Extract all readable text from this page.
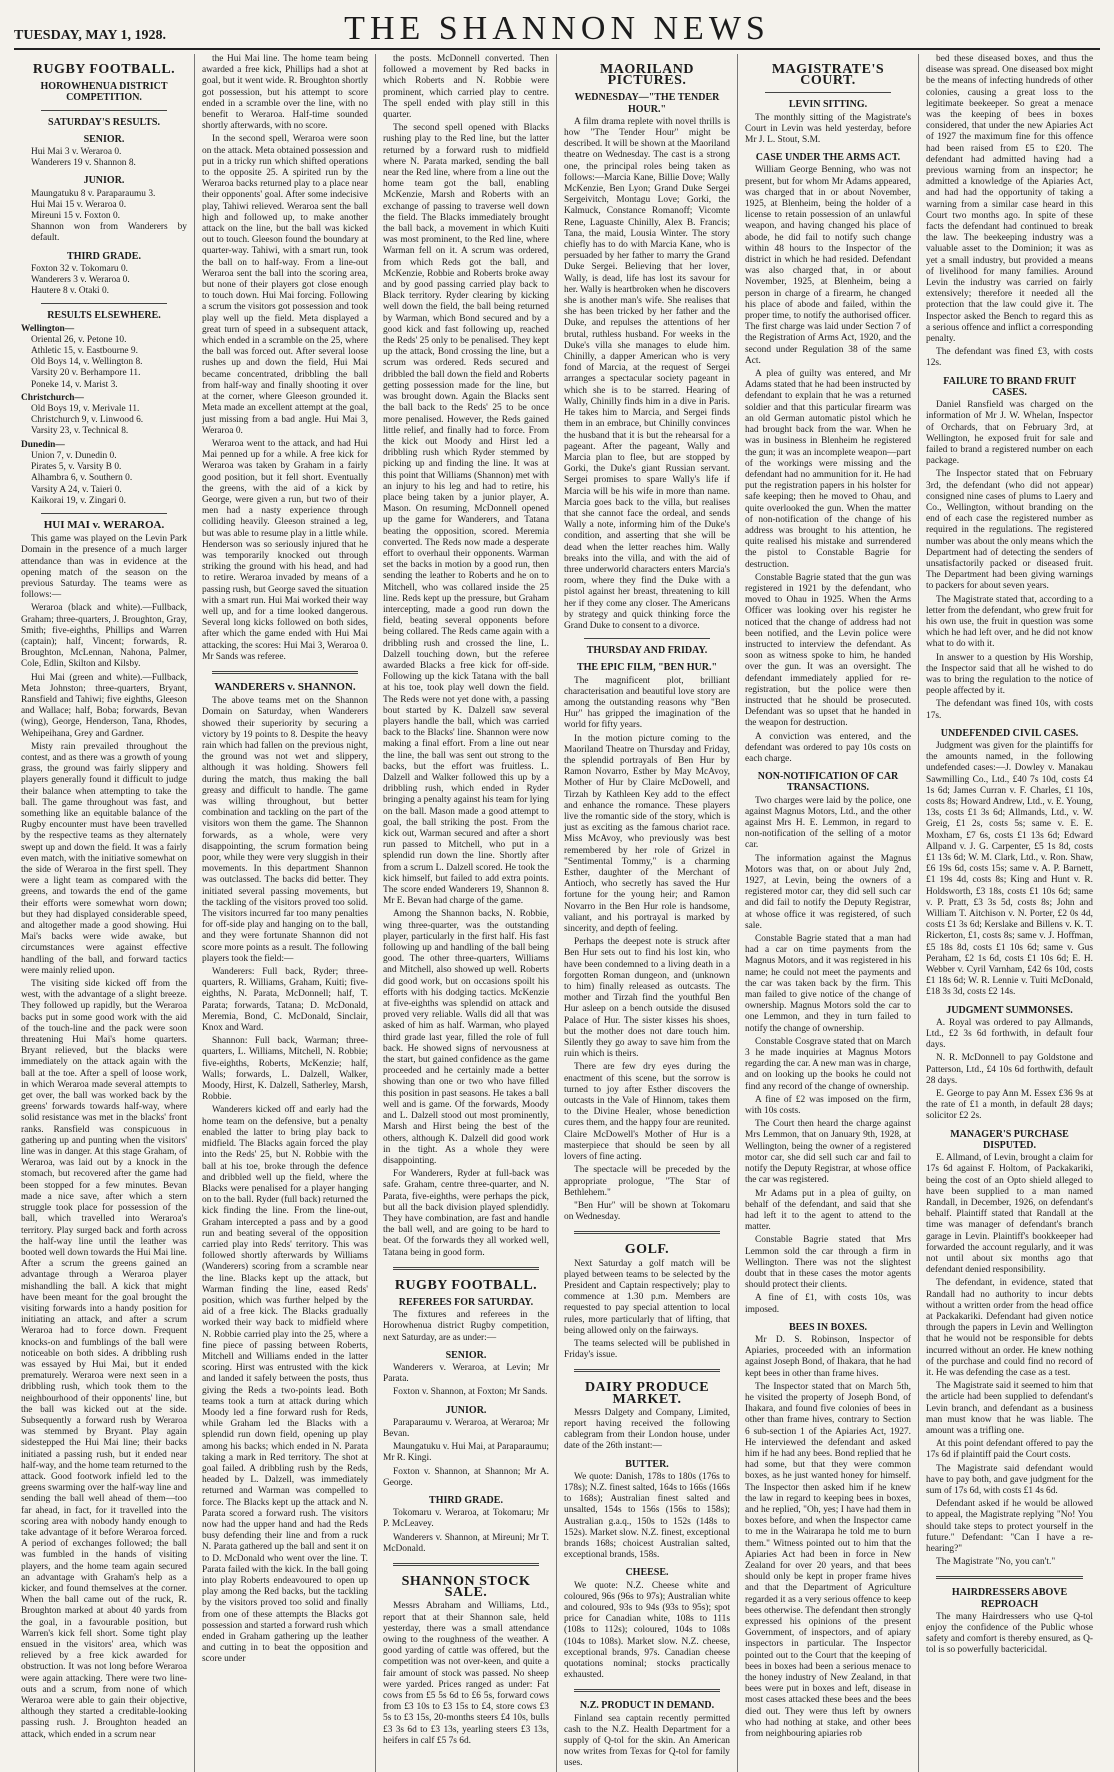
TUESDAY, MAY 1, 1928.	THE SHANNON NEWS
RUGBY FOOTBALL.
HOROWHENUA DISTRICT COMPETITION.
SATURDAY'S RESULTS.
SENIOR.

Hui Mai 3 v. Weraroa 0.

Wanderers 19 v. Shannon 8.

JUNIOR.

Maungatuku 8 v. Paraparaumu 3.

Hui Mai 15 v. Weraroa 0.

Mireuni 15 v. Foxton 0.

Shannon won from Wanderers by default.

THIRD GRADE.

Foxton 32 v. Tokomaru 0.

Wanderers 3 v. Weraroa 0.

Hautere 8 v. Otaki 0.

RESULTS ELSEWHERE.

Wellington—

Oriental 26, v. Petone 10.

Athletic 15, v. Eastbourne 9.

Old Boys 14, v. Wellington 8.

Varsity 20 v. Berhampore 11.

Poneke 14, v. Marist 3.

Christchurch—

Old Boys 19, v. Merivale 11.

Christchurch 9, v. Linwood 6.

Varsity 23, v. Technical 8.

Dunedin—

Union 7, v. Dunedin 0.

Pirates 5, v. Varsity B 0.

Alhambra 6, v. Southern 0.

Varsity A 24, v. Taieri 0.

Kaikorai 19, v. Zingari 0.

HUI MAI v. WERAROA.

This game was played on the Levin Park Domain in the presence of a much larger attendance than was in evidence at the opening match of the season on the previous Saturday. The teams were as follows:—

Weraroa (black and white).—Fullback, Graham; three-quarters, J. Broughton, Gray, Smith; five-eighths, Phillips and Warren (captain); half, Vincent; forwards, R. Broughton, McLennan, Nahona, Palmer, Cole, Edlin, Skilton and Kilsby.

Hui Mai (green and white).—Fullback, Meta Johnston; three-quarters, Bryant, Ransfield and Tahiwi; five eighths, Gleeson and Wallace; half, Boba; forwards, Bevan (wing), George, Henderson, Tana, Rhodes, Wehipeihana, Grey and Gardner.

Misty rain prevailed throughout the contest, and as there was a growth of young grass, the ground was fairly slippery and players generally found it difficult to judge their balance when attempting to take the ball. The game throughout was fast, and something like an equitable balance of the Rugby encounter must have been travelled by the respective teams as they alternately swept up and down the field. It was a fairly even match, with the initiative somewhat on the side of Weraroa in the first spell. They were a light team as compared with the greens, and towards the end of the game their efforts were somewhat worn down; but they had displayed considerable speed, and altogether made a good showing. Hui Mai's backs were wide awake, but circumstances were against effective handling of the ball, and forward tactics were mainly relied upon.

The visiting side kicked off from the west, with the advantage of a slight breeze. They followed up rapidly, but the Weraroa backs put in some good work with the aid of the touch-line and the pack were soon threatening Hui Mai's home quarters. Bryant relieved, but the blacks were immediately on the attack again with the ball at the toe. After a spell of loose work, in which Weraroa made several attempts to get over, the ball was worked back by the greens' forwards towards half-way, where solid resistance was met in the blacks' front ranks. Ransfield was conspicuous in gathering up and punting when the visitors' line was in danger. At this stage Graham, of Weraroa, was laid out by a knock in the stomach, but recovered after the game had been stopped for a few minutes. Bevan made a nice save, after which a stern struggle took place for possession of the ball, which travelled into Weraroa's territory. Play surged back and forth across the half-way line until the leather was booted well down towards the Hui Mai line. After a scrum the greens gained an advantage through a Weraroa player mishandling the ball. A kick that might have been meant for the goal brought the visiting forwards into a handy position for initiating an attack, and after a scrum Weraroa had to force down. Frequent knocks-on and fumblings of the ball were noticeable on both sides. A dribbling rush was essayed by Hui Mai, but it ended prematurely. Weraroa were next seen in a dribbling rush, which took them to the neighbourhood of their opponents' line, but the ball was kicked out at the side. Subsequently a forward rush by Weraroa was stemmed by Bryant. Play again sidestepped the Hui Mai line; their backs initiated a passing rush, but it ended near half-way, and the home team returned to the attack. Good footwork infield led to the greens swarming over the half-way line and sending the ball well ahead of them—too far ahead, in fact, for it travelled into the scoring area with nobody handy enough to take advantage of it before Weraroa forced. A period of exchanges followed; the ball was fumbled in the hands of visiting players, and the home team again secured an advantage with Graham's help as a kicker, and found themselves at the corner. When the ball came out of the ruck, R. Broughton marked at about 40 yards from the goal, in a favourable position, but Warren's kick fell short. Some tight play ensued in the visitors' area, which was relieved by a free kick awarded for obstruction. It was not long before Weraroa were again attacking. There were two line-outs and a scrum, from none of which Weraroa were able to gain their objective, although they started a creditable-looking passing rush. J. Broughton headed an attack, which ended in a scrum near

the Hui Mai line. The home team being awarded a free kick, Phillips had a shot at goal, but it went wide. R. Broughton shortly got possession, but his attempt to score ended in a scramble over the line, with no benefit to Weraroa. Half-time sounded shortly afterwards, with no score.

In the second spell, Weraroa were soon on the attack. Meta obtained possession and put in a tricky run which shifted operations to the opposite 25. A spirited run by the Weraroa backs returned play to a place near their opponents' goal. After some indecisive play, Tahiwi relieved. Weraroa sent the ball high and followed up, to make another attack on the line, but the ball was kicked out to touch. Gleeson found the boundary at quarter-way. Tahiwi, with a smart run, took the ball on to half-way. From a line-out Weraroa sent the ball into the scoring area, but none of their players got close enough to touch down. Hui Mai forcing. Following a scrum the visitors got possession and took play well up the field. Meta displayed a great turn of speed in a subsequent attack, which ended in a scramble on the 25, where the ball was forced out. After several loose rushes up and down the field, Hui Mai became concentrated, dribbling the ball from half-way and finally shooting it over at the corner, where Gleeson grounded it. Meta made an excellent attempt at the goal, just missing from a bad angle. Hui Mai 3, Weraroa 0.

Weraroa went to the attack, and had Hui Mai penned up for a while. A free kick for Weraroa was taken by Graham in a fairly good position, but it fell short. Eventually the greens, with the aid of a kick by George, were given a run, but two of their men had a nasty experience through colliding heavily. Gleeson strained a leg, but was able to resume play in a little while. Henderson was so seriously injured that he was temporarily knocked out through striking the ground with his head, and had to retire. Weraroa invaded by means of a passing rush, but George saved the situation with a smart run. Hui Mai worked their way well up, and for a time looked dangerous. Several long kicks followed on both sides, after which the game ended with Hui Mai attacking, the scores: Hui Mai 3, Weraroa 0. Mr Sands was referee.

WANDERERS v. SHANNON.

The above teams met on the Shannon Domain on Saturday, when Wanderers showed their superiority by securing a victory by 19 points to 8. Despite the heavy rain which had fallen on the previous night, the ground was not wet and slippery, although it was holding. Showers fell during the match, thus making the ball greasy and difficult to handle. The game was willing throughout, but better combination and tackling on the part of the visitors won them the game. The Shannon forwards, as a whole, were very disappointing, the scrum formation being poor, while they were very sluggish in their movements. In this department Shannon was outclassed. The backs did better. They initiated several passing movements, but the tackling of the visitors proved too solid. The visitors incurred far too many penalties for off-side play and hanging on to the ball, and they were fortunate Shannon did not score more points as a result. The following players took the field:—

Wanderers: Full back, Ryder; three-quarters, R. Williams, Graham, Kuiti; five-eighths, N. Parata, McDonnell; half, T. Parata; forwards, Tatana; D. McDonald, Meremia, Bond, C. McDonald, Sinclair, Knox and Ward.

Shannon: Full back, Warman; three-quarters, L. Williams, Mitchell, N. Robbie; five-eighths, Roberts, McKenzie; half, Walls; forwards, L. Dalzell, Walker, Moody, Hirst, K. Dalzell, Satherley, Marsh, Robbie.

Wanderers kicked off and early had the home team on the defensive, but a penalty enabled the latter to bring play back to midfield. The Blacks again forced the play into the Reds' 25, but N. Robbie with the ball at his toe, broke through the defence and dribbled well up the field, where the Blacks were penalised for a player hanging on to the ball. Ryder (full back) returned the kick finding the line. From the line-out, Graham intercepted a pass and by a good run and beating several of the opposition carried play into Reds' territory. This was followed shortly afterwards by Williams (Wanderers) scoring from a scramble near the line. Blacks kept up the attack, but Warman finding the line, eased Reds' position, which was further helped by the aid of a free kick. The Blacks gradually worked their way back to midfield where N. Robbie carried play into the 25, where a fine piece of passing between Roberts, Mitchell and Williams ended in the latter scoring. Hirst was entrusted with the kick and landed it safely between the posts, thus giving the Reds a two-points lead. Both teams took a turn at attack during which Moody led a fine forward rush for Reds, while Graham led the Blacks with a splendid run down field, opening up play among his backs; which ended in N. Parata taking a mark in Red territory. The shot at goal failed. A dribbling rush by the Reds, headed by L. Dalzell, was immediately returned and Warman was compelled to force. The Blacks kept up the attack and N. Parata scored a forward rush. The visitors now had the upper hand and had the Reds busy defending their line and from a ruck N. Parata gathered up the ball and sent it on to D. McDonald who went over the line. T. Parata failed with the kick. In the ball going into play Roberts endeavoured to open up play among the Red backs, but the tackling by the visitors proved too solid and finally from one of these attempts the Blacks got possession and started a forward rush which ended in Graham gathering up the leather and cutting in to beat the opposition and score under

the posts. McDonnell converted. Then followed a movement by Red backs in which Roberts and N. Robbie were prominent, which carried play to centre. The spell ended with play still in this quarter.

The second spell opened with Blacks rushing play to the Red line, but the latter returned by a forward rush to midfield where N. Parata marked, sending the ball near the Red line, where from a line out the home team got the ball, enabling McKenzie, Marsh and Roberts with an exchange of passing to traverse well down the field. The Blacks immediately brought the ball back, a movement in which Kuiti was most prominent, to the Red line, where Warman fell on it. A scrum was ordered, from which Reds got the ball, and McKenzie, Robbie and Roberts broke away and by good passing carried play back to Black territory. Ryder clearing by kicking well down the field, the ball being returned by Warman, which Bond secured and by a good kick and fast following up, reached the Reds' 25 only to be penalised. They kept up the attack, Bond crossing the line, but a scrum was ordered. Reds secured and dribbled the ball down the field and Roberts getting possession made for the line, but was brought down. Again the Blacks sent the ball back to the Reds' 25 to be once more penalised. However, the Reds gained little relief, and finally had to force. From the kick out Moody and Hirst led a dribbling rush which Ryder stemmed by picking up and finding the line. It was at this point that Williams (Shannon) met with an injury to his leg and had to retire, his place being taken by a junior player, A. Mason. On resuming, McDonnell opened up the game for Wanderers, and Tatana beating the opposition, scored. Meremia converted. The Reds now made a desperate effort to overhaul their opponents. Warman set the backs in motion by a good run, then sending the leather to Roberts and he on to Mitchell, who was collared inside the 25 line. Reds kept up the pressure, but Graham intercepting, made a good run down the field, beating several opponents before being collared. The Reds came again with a dribbling rush and crossed the line, L. Dalzell touching down, but the referee awarded Blacks a free kick for off-side. Following up the kick Tatana with the ball at his toe, took play well down the field. The Reds were not yet done with, a passing bout started by K. Dalzell saw several players handle the ball, which was carried back to the Blacks' line. Shannon were now making a final effort. From a line out near the line, the ball was sent out strong to the backs, but the effort was fruitless. L. Dalzell and Walker followed this up by a dribbling rush, which ended in Ryder bringing a penalty against his team for lying on the ball. Mason made a good attempt to goal, the ball striking the post. From the kick out, Warman secured and after a short run passed to Mitchell, who put in a splendid run down the line. Shortly after from a scrum L. Dalzell scored. He took the kick himself, but failed to add extra points. The score ended Wanderers 19, Shannon 8. Mr E. Bevan had charge of the game.

Among the Shannon backs, N. Robbie, wing three-quarter, was the outstanding player, particularly in the first half. His fast following up and handling of the ball being good. The other three-quarters, Williams and Mitchell, also showed up well. Roberts did good work, but on occasions spoilt his efforts with his dodging tactics. McKenzie at five-eighths was splendid on attack and proved very reliable. Walls did all that was asked of him as half. Warman, who played third grade last year, filled the role of full back. He showed signs of nervousness at the start, but gained confidence as the game proceeded and he certainly made a better showing than one or two who have filled this position in past seasons. He takes a ball well and is game. Of the forwards, Moody and L. Dalzell stood out most prominently, Marsh and Hirst being the best of the others, although K. Dalzell did good work in the tight. As a whole they were disappointing.

For Wanderers, Ryder at full-back was safe. Graham, centre three-quarter, and N. Parata, five-eighths, were perhaps the pick, but all the back division played splendidly. They have combination, are fast and handle the ball well, and are going to be hard to beat. Of the forwards they all worked well, Tatana being in good form.

RUGBY FOOTBALL.
REFEREES FOR SATURDAY.

The fixtures and referees in the Horowhenua district Rugby competition, next Saturday, are as under:—

SENIOR.

Wanderers v. Weraroa, at Levin; Mr Parata.

Foxton v. Shannon, at Foxton; Mr Sands.

JUNIOR.

Paraparaumu v. Weraroa, at Weraroa; Mr Bevan.

Maungatuku v. Hui Mai, at Paraparaumu; Mr R. Kingi.

Foxton v. Shannon, at Shannon; Mr A. George.

THIRD GRADE.

Tokomaru v. Weraroa, at Tokomaru; Mr P. McLeavey.

Wanderers v. Shannon, at Mireuni; Mr T. McDonald.

SHANNON STOCK SALE.

Messrs Abraham and Williams, Ltd., report that at their Shannon sale, held yesterday, there was a small attendance owing to the roughness of the weather. A good yarding of cattle was offered, but the competition was not over-keen, and quite a fair amount of stock was passed. No sheep were yarded. Prices ranged as under: Fat cows from £5 5s 6d to £6 5s, forward cows from £3 10s to £3 15s to £4, store cows £3 5s to £3 15s, 20-months steers £4 10s, bulls £3 3s 6d to £3 13s, yearling steers £3 13s, heifers in calf £5 7s 6d.

MAORILAND PICTURES.
WEDNESDAY—"THE TENDER HOUR."

A film drama replete with novel thrills is how "The Tender Hour" might be described. It will be shown at the Maoriland theatre on Wednesday. The cast is a strong one, the principal roles being taken as follows:—Marcia Kane, Billie Dove; Wally McKenzie, Ben Lyon; Grand Duke Sergei Sergeivitch, Montagu Love; Gorki, the Kalmuck, Constance Romanoff; Vicomte Rene, Laguaste Chinilly, Alex B. Francis; Tana, the maid, Lousia Winter. The story chiefly has to do with Marcia Kane, who is persuaded by her father to marry the Grand Duke Sergei. Believing that her lover, Wally, is dead, life has lost its savour for her. Wally is heartbroken when he discovers she is another man's wife. She realises that she has been tricked by her father and the Duke, and repulses the attentions of her brutal, ruthless husband. For weeks in the Duke's villa she manages to elude him. Chinilly, a dapper American who is very fond of Marcia, at the request of Sergei arranges a spectacular society pageant in which she is to be starred. Hearing of Wally, Chinilly finds him in a dive in Paris. He takes him to Marcia, and Sergei finds them in an embrace, but Chinilly convinces the husband that it is but the rehearsal for a pageant. After the pageant, Wally and Marcia plan to flee, but are stopped by Gorki, the Duke's giant Russian servant. Sergei promises to spare Wally's life if Marcia will be his wife in more than name. Marcia goes back to the villa, but realises that she cannot face the ordeal, and sends Wally a note, informing him of the Duke's condition, and asserting that she will be dead when the letter reaches him. Wally breaks into the villa, and with the aid of three underworld characters enters Marcia's room, where they find the Duke with a pistol against her breast, threatening to kill her if they come any closer. The Americans by strategy and quick thinking force the Grand Duke to consent to a divorce.

THURSDAY AND FRIDAY.
THE EPIC FILM, "BEN HUR."

The magnificent plot, brilliant characterisation and beautiful love story are among the outstanding reasons why "Ben Hur" has gripped the imagination of the world for fifty years.

In the motion picture coming to the Maoriland Theatre on Thursday and Friday, the splendid portrayals of Ben Hur by Ramon Novarro, Esther by May McAvoy, Mother of Hur by Claire McDowell, and Tirzah by Kathleen Key add to the effect and enhance the romance. These players live the romantic side of the story, which is just as exciting as the famous chariot race. Miss McAvoy, who previously was best remembered by her role of Grizel in "Sentimental Tommy," is a charming Esther, daughter of the Merchant of Antioch, who secretly has saved the Hur fortune for the young heir; and Ramon Novarro in the Ben Hur role is handsome, valiant, and his portrayal is marked by sincerity, and depth of feeling.

Perhaps the deepest note is struck after Ben Hur sets out to find his lost kin, who have been condemned to a living death in a forgotten Roman dungeon, and (unknown to him) finally released as outcasts. The mother and Tirzah find the youthful Ben Hur asleep on a bench outside the disused Palace of Hur. The sister kisses his shoes, but the mother does not dare touch him. Silently they go away to save him from the ruin which is theirs.

There are few dry eyes during the enactment of this scene, but the sorrow is turned to joy after Esther discovers the outcasts in the Vale of Hinnom, takes them to the Divine Healer, whose benediction cures them, and the happy four are reunited. Claire McDowell's Mother of Hur is a masterpiece that should be seen by all lovers of fine acting.

The spectacle will be preceded by the appropriate prologue, "The Star of Bethlehem."

"Ben Hur" will be shown at Tokomaru on Wednesday.

GOLF.

Next Saturday a golf match will be played between teams to be selected by the President and Captain respectively; play to commence at 1.30 p.m. Members are requested to pay special attention to local rules, more particularly that of lifting, that being allowed only on the fairways.

The teams selected will be published in Friday's issue.

DAIRY PRODUCE MARKET.

Messrs Dalgety and Company, Limited, report having received the following cablegram from their London house, under date of the 26th instant:—

BUTTER.

We quote: Danish, 178s to 180s (176s to 178s); N.Z. finest salted, 164s to 166s (166s to 168s); Australian finest salted and unsalted, 154s to 156s (156s to 158s); Australian g.a.q., 150s to 152s (148s to 152s). Market slow. N.Z. finest, exceptional brands 168s; choicest Australian salted, exceptional brands, 158s.

CHEESE.

We quote: N.Z. Cheese white and coloured, 96s (96s to 97s); Australian white and coloured, 93s to 94s (93s to 95s); spot price for Canadian white, 108s to 111s (108s to 112s); coloured, 104s to 108s (104s to 108s). Market slow. N.Z. cheese, exceptional brands, 97s. Canadian cheese quotations nominal; stocks practically exhausted.

N.Z. PRODUCT IN DEMAND.

Finland sea captain recently permitted cash to the N.Z. Health Department for a supply of Q-tol for the skin. An American now writes from Texas for Q-tol for family uses.

MAGISTRATE'S COURT.
LEVIN SITTING.

The monthly sitting of the Magistrate's Court in Levin was held yesterday, before Mr J. L. Stout, S.M.

CASE UNDER THE ARMS ACT.

William George Benning, who was not present, but for whom Mr Adams appeared, was charged that in or about November, 1925, at Blenheim, being the holder of a license to retain possession of an unlawful weapon, and having changed his place of abode, he did fail to notify such change within 48 hours to the Inspector of the district in which he had resided. Defendant was also charged that, in or about November, 1925, at Blenheim, being a person in charge of a firearm, he changed his place of abode and failed, within the proper time, to notify the authorised officer. The first charge was laid under Section 7 of the Registration of Arms Act, 1920, and the second under Regulation 38 of the same Act.

A plea of guilty was entered, and Mr Adams stated that he had been instructed by defendant to explain that he was a returned soldier and that this particular firearm was an old German automatic pistol which he had brought back from the war. When he was in business in Blenheim he registered the gun; it was an incomplete weapon—part of the workings were missing and the defendant had no ammunition for it. He had put the registration papers in his holster for safe keeping; then he moved to Ohau, and quite overlooked the gun. When the matter of non-notification of the change of his address was brought to his attention, he quite realised his mistake and surrendered the pistol to Constable Bagrie for destruction.

Constable Bagrie stated that the gun was registered in 1921 by the defendant, who moved to Ohau in 1925. When the Arms Officer was looking over his register he noticed that the change of address had not been notified, and the Levin police were instructed to interview the defendant. As soon as witness spoke to him, he handed over the gun. It was an oversight. The defendant immediately applied for re-registration, but the police were then instructed that he should be prosecuted. Defendant was so upset that he handed in the weapon for destruction.

A conviction was entered, and the defendant was ordered to pay 10s costs on each charge.

NON-NOTIFICATION OF CAR TRANSACTIONS.

Two charges were laid by the police, one against Magnus Motors, Ltd., and the other against Mrs H. E. Lemmon, in regard to non-notification of the selling of a motor car.

The information against the Magnus Motors was that, on or about July 2nd, 1927, at Levin, being the owners of a registered motor car, they did sell such car and did fail to notify the Deputy Registrar, at whose office it was registered, of such sale.

Constable Bagrie stated that a man had had a car on time payments from the Magnus Motors, and it was registered in his name; he could not meet the payments and the car was taken back by the firm. This man failed to give notice of the change of ownership. Magnus Motors sold the car to one Lemmon, and they in turn failed to notify the change of ownership.

Constable Cosgrave stated that on March 3 he made inquiries at Magnus Motors regarding the car. A new man was in charge, and on looking up the books he could not find any record of the change of ownership.

A fine of £2 was imposed on the firm, with 10s costs.

The Court then heard the charge against Mrs Lemmon, that on January 9th, 1928, at Wellington, being the owner of a registered motor car, she did sell such car and fail to notify the Deputy Registrar, at whose office the car was registered.

Mr Adams put in a plea of guilty, on behalf of the defendant, and said that she had left it to the agent to attend to the matter.

Constable Bagrie stated that Mrs Lemmon sold the car through a firm in Wellington. There was not the slightest doubt that in these cases the motor agents should protect their clients.

A fine of £1, with costs 10s, was imposed.

BEES IN BOXES.

Mr D. S. Robinson, Inspector of Apiaries, proceeded with an information against Joseph Bond, of Ihakara, that he had kept bees in other than frame hives.

The Inspector stated that on March 5th, he visited the property of Joseph Bond, of Ihakara, and found five colonies of bees in other than frame hives, contrary to Section 6 sub-section 1 of the Apiaries Act, 1927. He interviewed the defendant and asked him if he had any bees. Bond replied that he had some, but that they were common boxes, as he just wanted honey for himself. The Inspector then asked him if he knew the law in regard to keeping bees in boxes, and he replied, "Oh, yes; I have had them in boxes before, and when the Inspector came to me in the Wairarapa he told me to burn them." Witness pointed out to him that the Apiaries Act had been in force in New Zealand for over 20 years, and that bees should only be kept in proper frame hives and that the Department of Agriculture regarded it as a very serious offence to keep bees otherwise. The defendant then strongly expressed his opinions of the present Government, of inspectors, and of apiary inspectors in particular. The Inspector pointed out to the Court that the keeping of bees in boxes had been a serious menace to the honey industry of New Zealand, in that bees were put in boxes and left, disease in most cases attacked these bees and the bees died out. They were thus left by owners who had nothing at stake, and other bees from neighbouring apiaries rob

bed these diseased boxes, and thus the disease was spread. One diseased box might be the means of infecting hundreds of other colonies, causing a great loss to the legitimate beekeeper. So great a menace was the keeping of bees in boxes considered, that under the new Apiaries Act of 1927 the maximum fine for this offence had been raised from £5 to £20. The defendant had admitted having had a previous warning from an inspector; he admitted a knowledge of the Apiaries Act, and had had the opportunity of taking a warning from a similar case heard in this Court two months ago. In spite of these facts the defendant had continued to break the law. The beekeeping industry was a valuable asset to the Dominion; it was as yet a small industry, but provided a means of livelihood for many families. Around Levin the industry was carried on fairly extensively; therefore it needed all the protection that the law could give it. The Inspector asked the Bench to regard this as a serious offence and inflict a corresponding penalty.

The defendant was fined £3, with costs 12s.

FAILURE TO BRAND FRUIT CASES.

Daniel Ransfield was charged on the information of Mr J. W. Whelan, Inspector of Orchards, that on February 3rd, at Wellington, he exposed fruit for sale and failed to brand a registered number on each package.

The Inspector stated that on February 3rd, the defendant (who did not appear) consigned nine cases of plums to Laery and Co., Wellington, without branding on the end of each case the registered number as required in the regulations. The registered number was about the only means which the Department had of detecting the senders of unsatisfactorily packed or diseased fruit. The Department had been giving warnings to packers for about seven years.

The Magistrate stated that, according to a letter from the defendant, who grew fruit for his own use, the fruit in question was some which he had left over, and he did not know what to do with it.

In answer to a question by His Worship, the Inspector said that all he wished to do was to bring the regulation to the notice of people affected by it.

The defendant was fined 10s, with costs 17s.

UNDEFENDED CIVIL CASES.

Judgment was given for the plaintiffs for the amounts named, in the following undefended cases:—J. Dowley v. Manakau Sawmilling Co., Ltd., £40 7s 10d, costs £4 1s 6d; James Curran v. F. Charles, £1 10s, costs 8s; Howard Andrew, Ltd., v. E. Young, 13s, costs £1 3s 6d; Allmands, Ltd., v. W. Greig, £1 2s, costs 5s; same v. E. E. Moxham, £7 6s, costs £1 13s 6d; Edward Allpand v. J. G. Carpenter, £5 1s 8d, costs £1 13s 6d; W. M. Clark, Ltd., v. Ron. Shaw, £6 19s 6d, costs 15s; same v. A. P. Barnett, £1 19s 4d, costs 8s; King and Hunt v. R. Holdsworth, £3 18s, costs £1 10s 6d; same v. P. Pratt, £3 3s 5d, costs 8s; John and William T. Aitchison v. N. Porter, £2 0s 4d, costs £1 3s 6d; Kerslake and Billens v. K. T. Rickerton, £1, costs 8s; same v. J. Hoffman, £5 18s 8d, costs £1 10s 6d; same v. Gus Peraham, £2 1s 6d, costs £1 10s 6d; E. H. Webber v. Cyril Varnham, £42 6s 10d, costs £1 18s 6d; W. R. Lennie v. Tuiti McDonald, £18 3s 3d, costs £2 14s.

JUDGMENT SUMMONSES.

A. Royal was ordered to pay Allmands, Ltd., £2 3s 6d forthwith, in default four days.

N. R. McDonnell to pay Goldstone and Patterson, Ltd., £4 10s 6d forthwith, default 28 days.

E. George to pay Ann M. Essex £36 9s at the rate of £1 a month, in default 28 days; solicitor £2 2s.

MANAGER'S PURCHASE DISPUTED.

E. Allmand, of Levin, brought a claim for 17s 6d against F. Holtom, of Packakariki, being the cost of an Opto shield alleged to have been supplied to a man named Randall, in December, 1926, on defendant's behalf. Plaintiff stated that Randall at the time was manager of defendant's branch garage in Levin. Plaintiff's bookkeeper had forwarded the account regularly, and it was not until about six months ago that defendant denied responsibility.

The defendant, in evidence, stated that Randall had no authority to incur debts without a written order from the head office at Packakariki. Defendant had given notice through the papers in Levin and Wellington that he would not be responsible for debts incurred without an order. He knew nothing of the purchase and could find no record of it. He was defending the case as a test.

The Magistrate said it seemed to him that the article had been supplied to defendant's Levin branch, and defendant as a business man must know that he was liable. The amount was a trifling one.

At this point defendant offered to pay the 17s 6d if plaintiff paid the Court costs.

The Magistrate said defendant would have to pay both, and gave judgment for the sum of 17s 6d, with costs £1 4s 6d.

Defendant asked if he would be allowed to appeal, the Magistrate replying "No! You should take steps to protect yourself in the future." Defendant: "Can I have a re-hearing?"

The Magistrate "No, you can't."

HAIRDRESSERS ABOVE REPROACH

The many Hairdressers who use Q-tol enjoy the confidence of the Public whose safety and comfort is thereby ensured, as Q-tol is so powerfully bactericidal.
